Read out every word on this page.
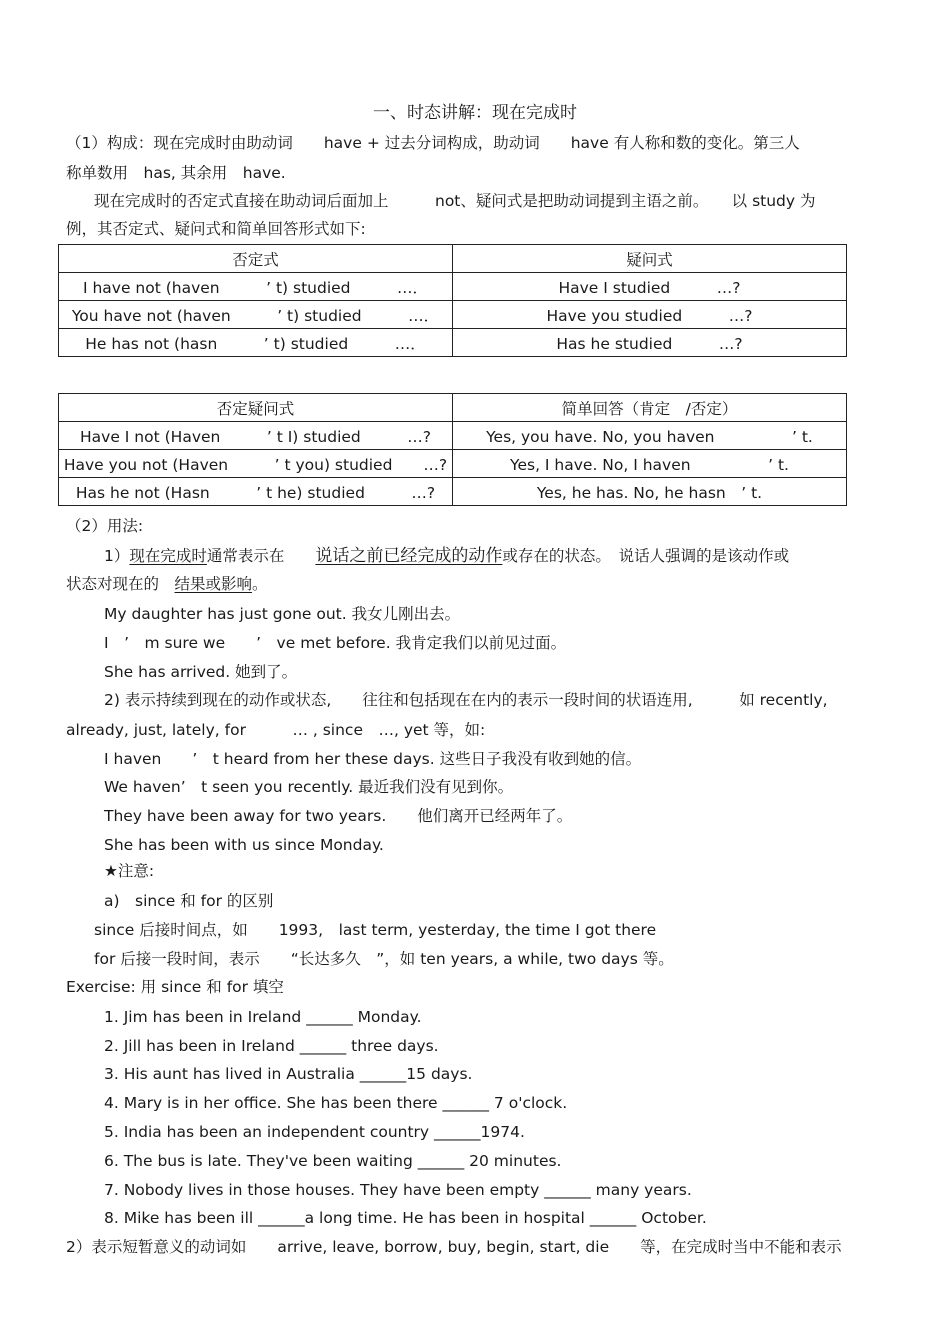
一、时态讲解：现在完成时
（1）构成：现在完成时由助动词　　have + 过去分词构成，助动词　　have 有人称和数的变化。第三人
称单数用　has, 其余用　have.
现在完成时的否定式直接在助动词后面加上　　　not、疑问式是把助动词提到主语之前。　　以 study 为
例，其否定式、疑问式和简单回答形式如下:
否定式	疑问式
I have not (haven　　　’ t) studied　　　…．	Have I studied　　　…?
You have not (haven　　　’ t) studied　　　…．	Have you studied　　　…?
He has not (hasn　　　’ t) studied　　　…．	Has he studied　　　…?
否定疑问式	简单回答（肯定　/否定）
Have I not (Haven　　　’ t I) studied　　　…?	Yes, you have. No, you haven　　　　　’ t.
Have you not (Haven　　　’ t you) studied　　…?	Yes, I have. No, I haven　　　　　’ t.
Has he not (Hasn　　　’ t he) studied　　　…?	Yes, he has. No, he hasn　’ t.
（2）用法:
1）现在完成时通常表示在　　说话之前已经完成的动作或存在的状态。　说话人强调的是该动作或
状态对现在的　结果或影响。
My daughter has just gone out. 我女儿刚出去。
I　’　m sure we　　’　ve met before. 我肯定我们以前见过面。
She has arrived. 她到了。
2) 表示持续到现在的动作或状态,　　往往和包括现在在内的表示一段时间的状语连用,　　　如 recently,
already, just, lately, for　　　… , since　…, yet 等，如:
I haven　　’　t heard from her these days. 这些日子我没有收到她的信。
We haven’　t seen you recently. 最近我们没有见到你。
They have been away for two years.　　他们离开已经两年了。
She has been with us since Monday.
★注意:
a)　since 和 for 的区别
since 后接时间点，如　　1993,　last term, yesterday, the time I got there
for 后接一段时间，表示　　“长达多久　”，如 ten years, a while, two days 等。
Exercise: 用 since 和 for 填空
1. Jim has been in Ireland ______ Monday.
2. Jill has been in Ireland ______ three days.
3. His aunt has lived in Australia ______15 days.
4. Mary is in her office. She has been there ______ 7 o'clock.
5. India has been an independent country ______1974.
6. The bus is late. They've been waiting ______ 20 minutes.
7. Nobody lives in those houses. They have been empty ______ many years.
8. Mike has been ill ______a long time. He has been in hospital ______ October.
2）表示短暂意义的动词如　　arrive, leave, borrow, buy, begin, start, die　　等，在完成时当中不能和表示
